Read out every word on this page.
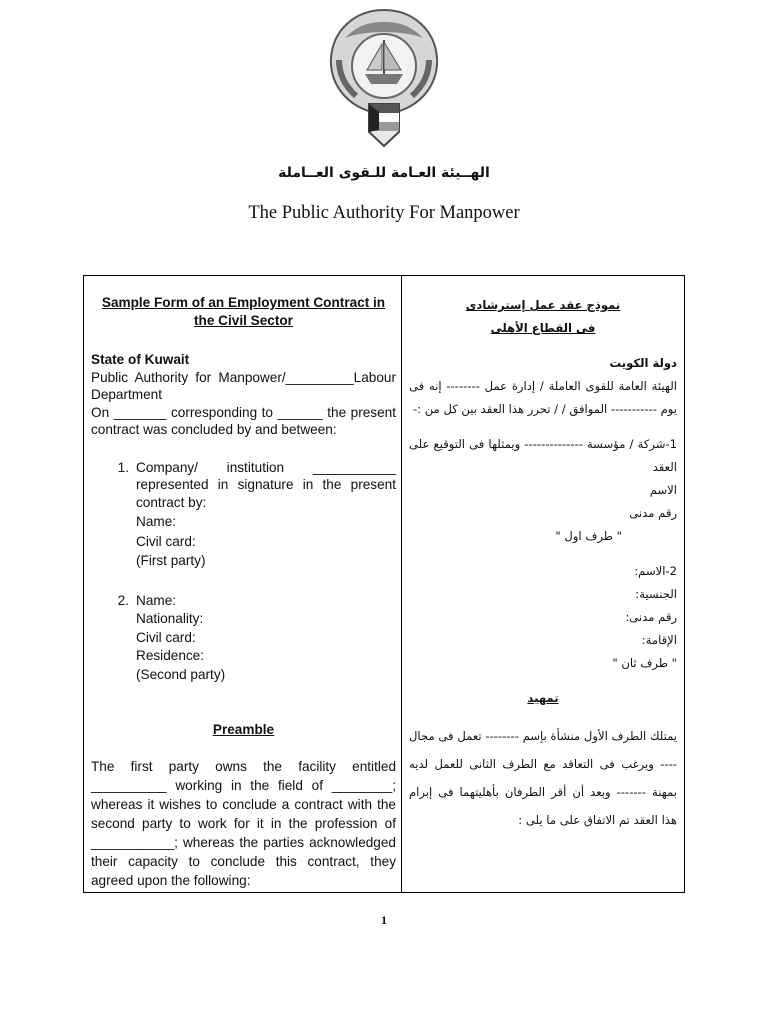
الهــيئة العـامة للـقوى العــاملة
The Public Authority For Manpower
Sample Form of an Employment Contract in the Civil Sector
State of Kuwait
Public Authority for Manpower/_________Labour Department
On _______ corresponding to ______ the present contract was concluded by and between:
1. Company/ institution ___________ represented in signature in the present contract by:
Name:
Civil card:
(First party)
2. Name:
Nationality:
Civil card:
Residence:
(Second party)
Preamble
The first party owns the facility entitled __________ working in the field of ________; whereas it wishes to conclude a contract with the second party to work for it in the profession of ___________; whereas the parties acknowledged their capacity to conclude this contract, they agreed upon the following:
نموذج عقد عمل إسترشادى
فى القطاع الأهلى
دولة الكويت
الهيئة العامة للقوى العاملة / إدارة عمل -------- إنه فى يوم ----------- الموافق / / تحرر هذا العقد بين كل من :-
1-شركة / مؤسسة -------------- ويمثلها فى التوقيع على العقد
الاسم
رقم مدنى
" طرف اول "
2-الاسم:
الجنسية:
رقم مدنى:
الإقامة:
" طرف ثان "
تمهيد
يمتلك الطرف الأول منشأة بإسم -------- تعمل فى مجال ---- ويرغب فى التعاقد مع الطرف الثانى للعمل لديه بمهنة ------- وبعد أن أقر الطرفان بأهليتهما فى إبرام هذا العقد تم الاتفاق على ما يلى :
1
